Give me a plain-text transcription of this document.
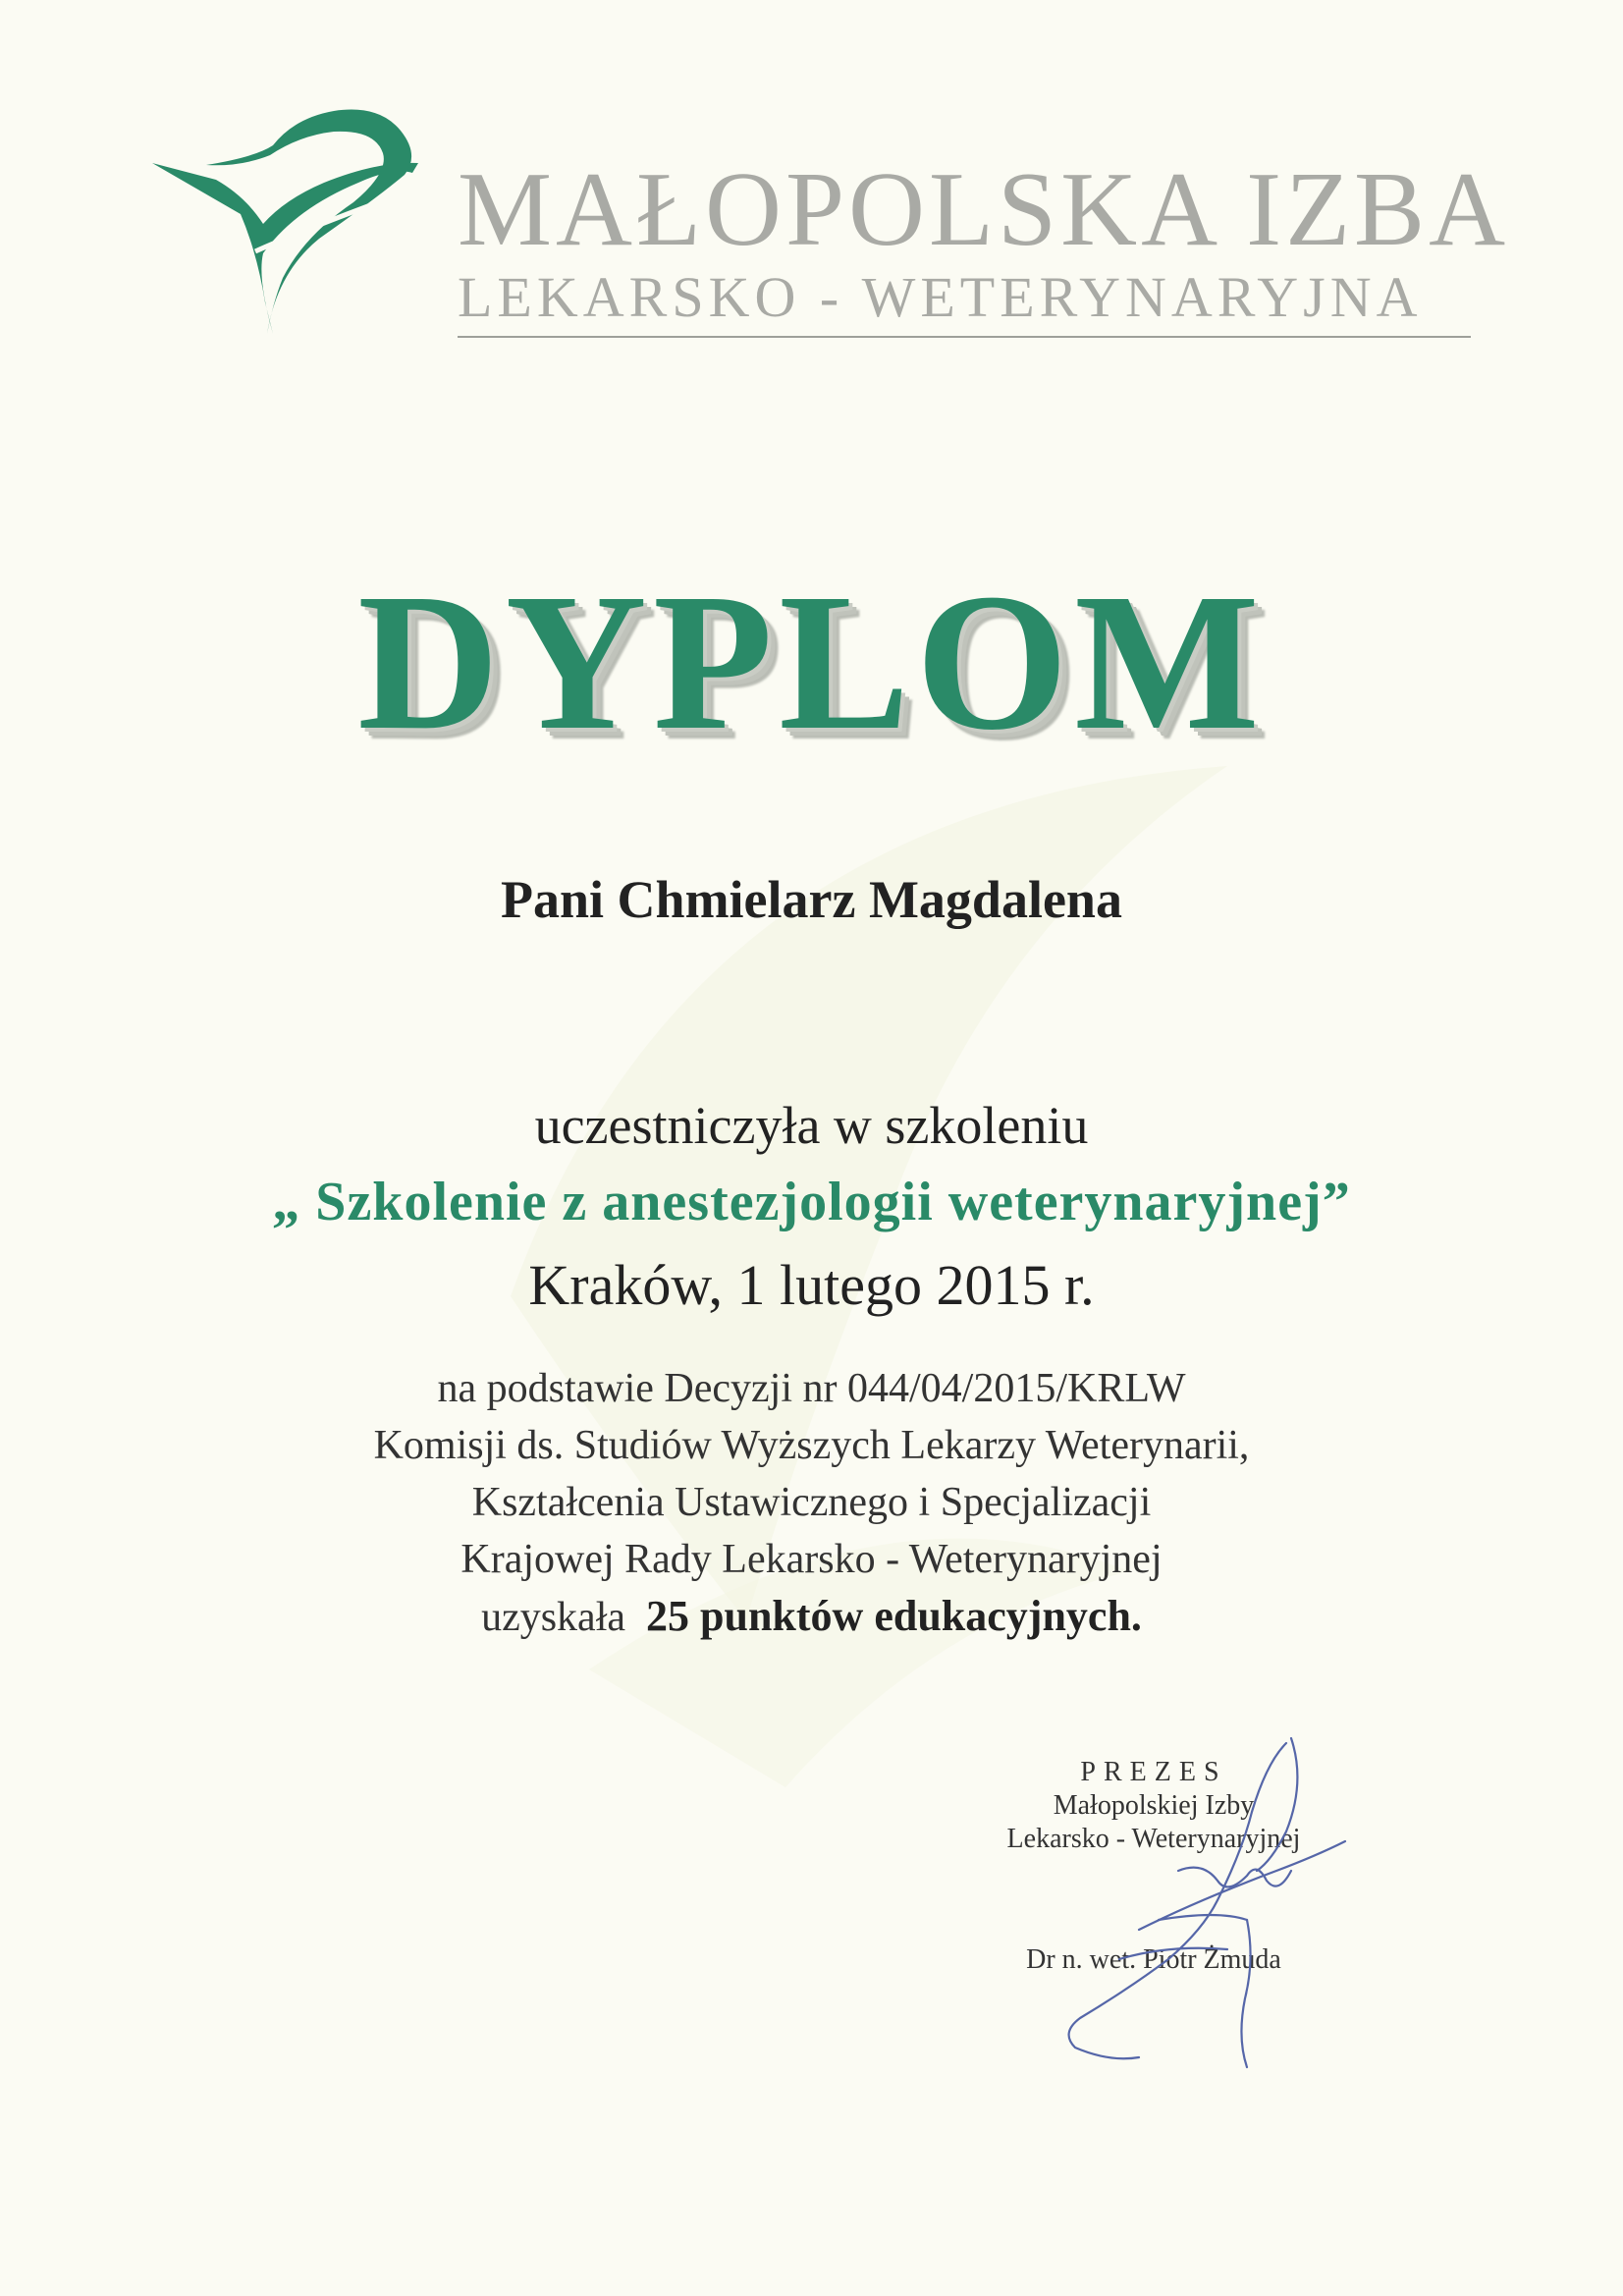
MAŁOPOLSKA IZBA
LEKARSKO - WETERYNARYJNA
DYPLOM
Pani Chmielarz Magdalena
uczestniczyła w szkoleniu
„ Szkolenie z anestezjologii weterynaryjnej”
Kraków, 1 lutego 2015 r.
na podstawie Decyzji nr 044/04/2015/KRLW
Komisji ds. Studiów Wyższych Lekarzy Weterynarii,
Kształcenia Ustawicznego i Specjalizacji
Krajowej Rady Lekarsko - Weterynaryjnej
uzyskała 25 punktów edukacyjnych.
PREZES
Małopolskiej Izby
Lekarsko - Weterynaryjnej
Dr n. wet. Piotr Żmuda
